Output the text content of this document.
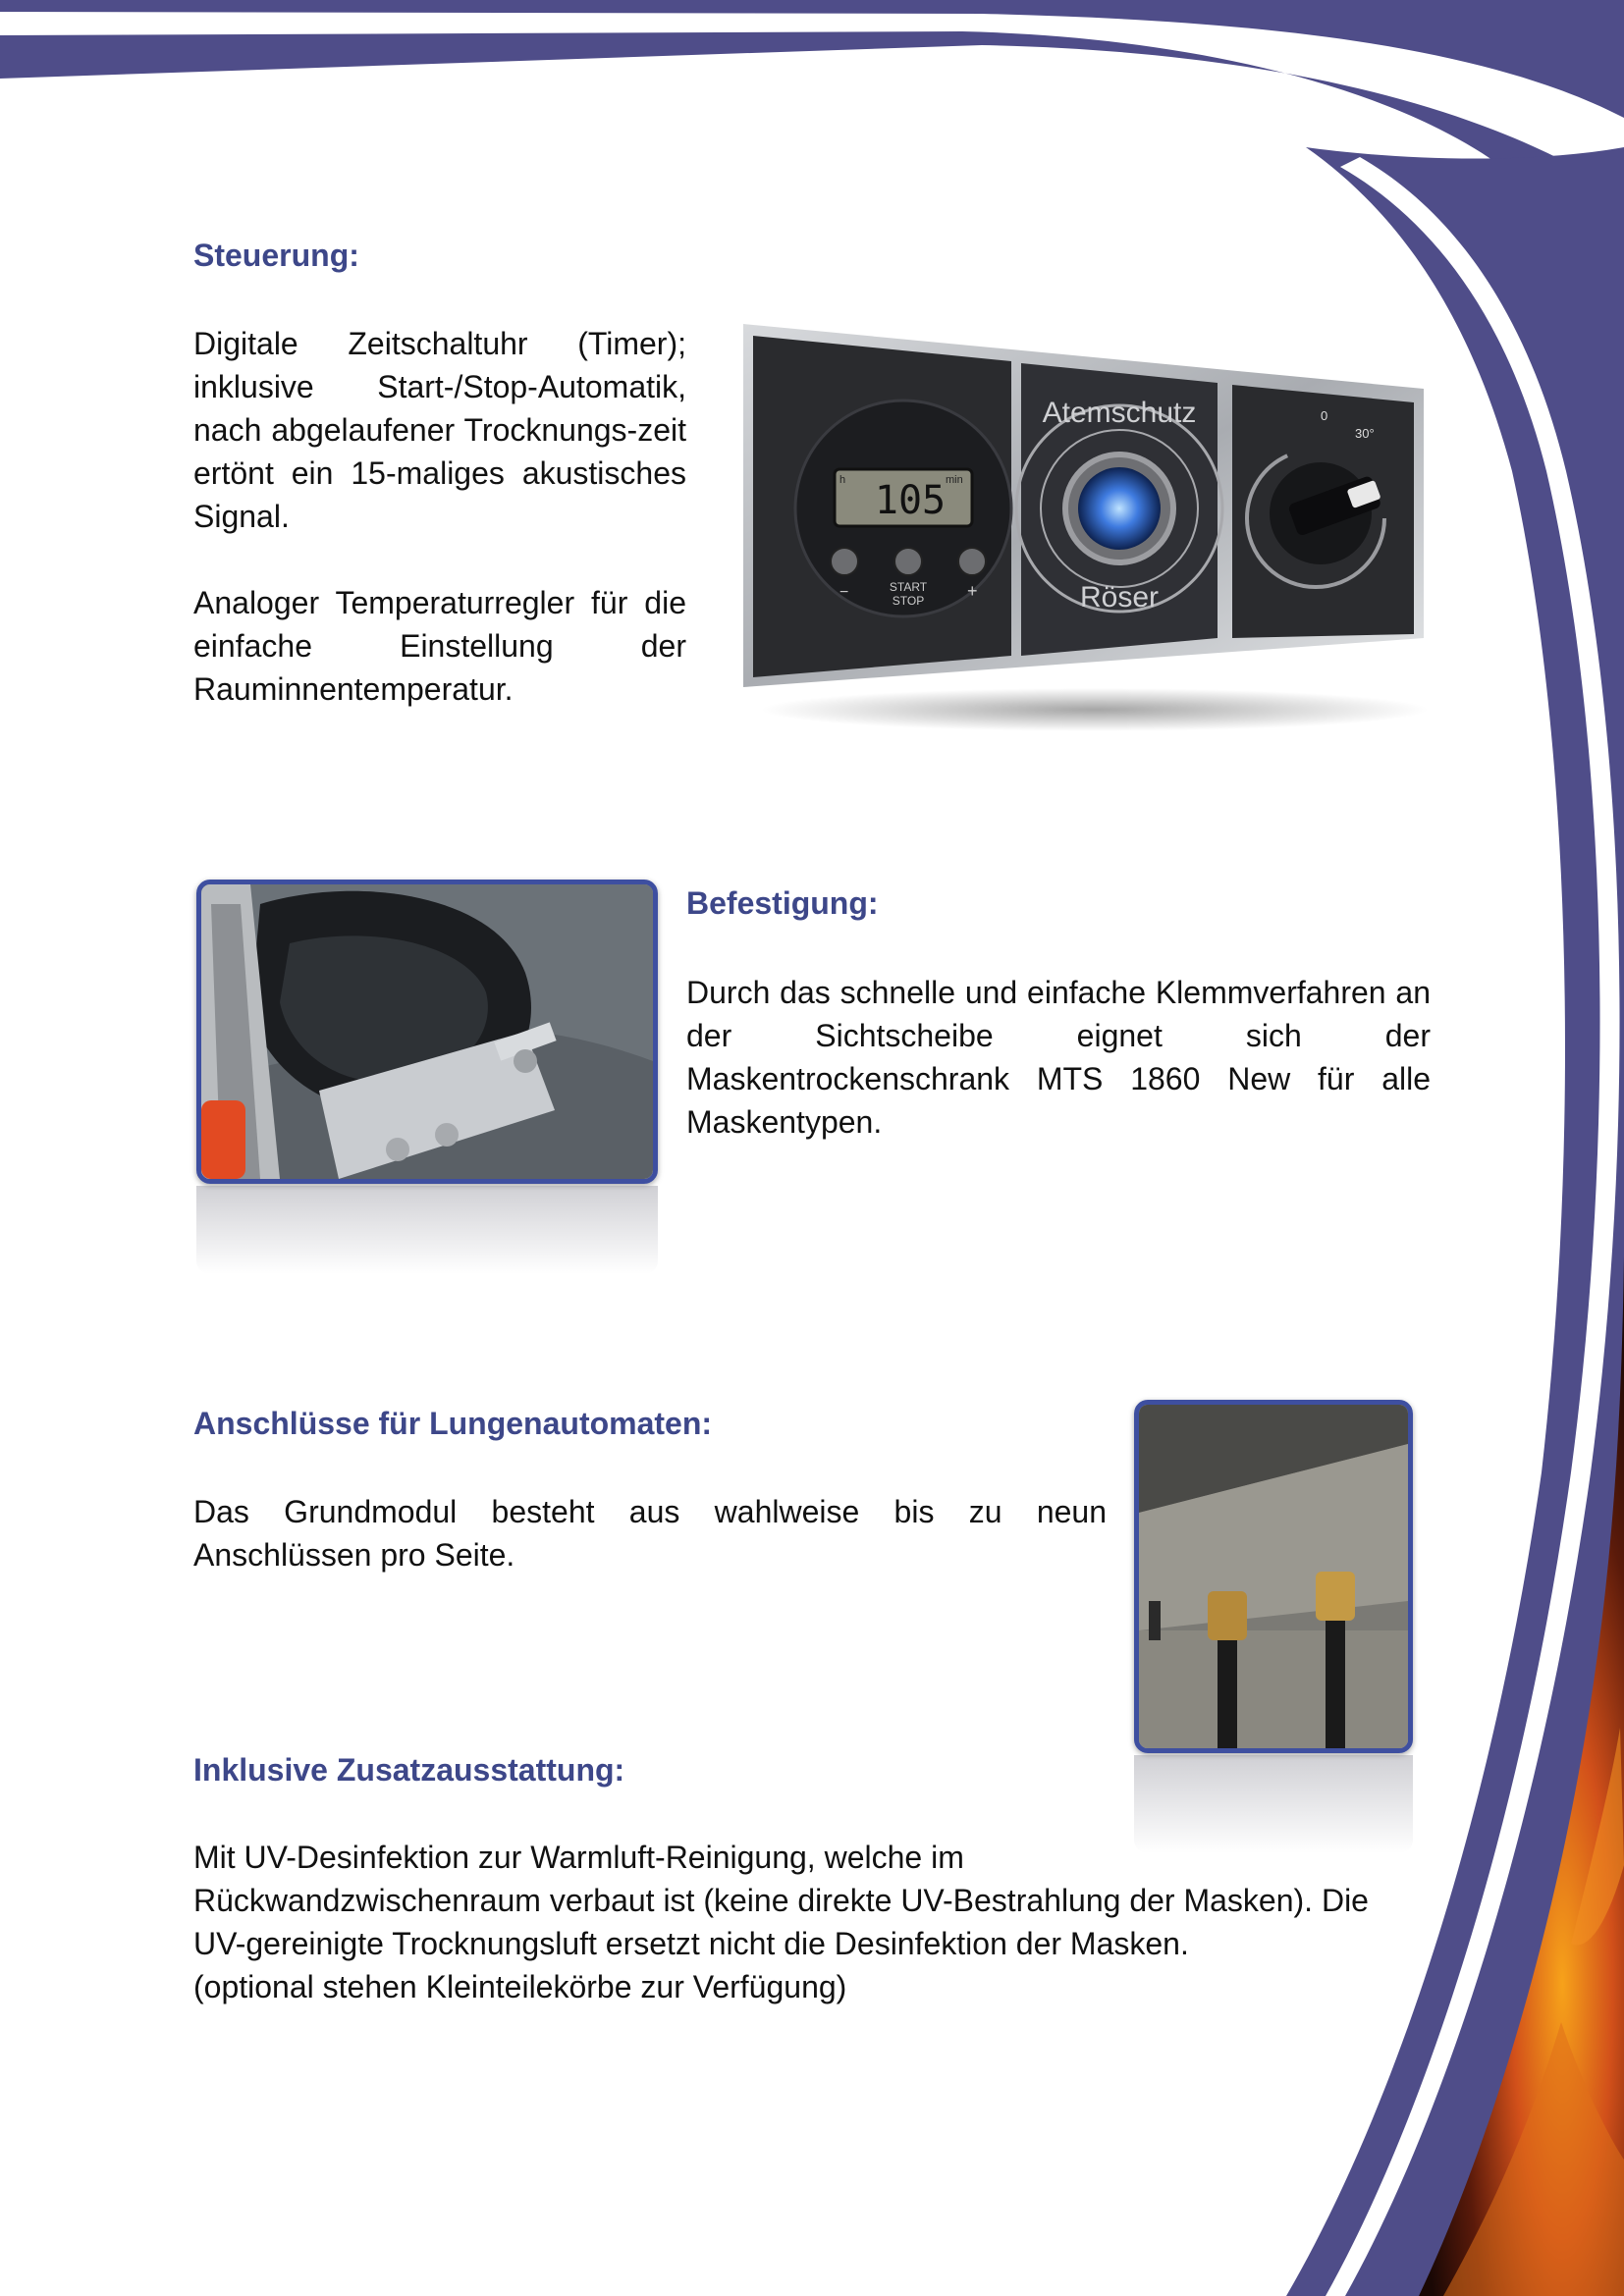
Steuerung:

Digitale Zeitschaltuhr (Timer); inklusive Start-/Stop-Automatik, nach abgelaufener Trocknungs-zeit ertönt ein 15-maliges akustisches Signal.

Analoger Temperaturregler für die einfache Einstellung der Rauminnentemperatur.

105
h	min
−	START
STOP +
Atemschutz
Röser
0
30°
Befestigung:

Durch das schnelle und einfache Klemmverfahren an der Sichtscheibe eignet sich der Maskentrockenschrank MTS 1860 New für alle Maskentypen.

Anschlüsse für Lungenautomaten:

Das Grundmodul besteht aus wahlweise bis zu neun Anschlüssen pro Seite.

Inklusive Zusatzausstattung:
Mit UV-Desinfektion zur Warmluft-Reinigung, welche im
Rückwandzwischenraum verbaut ist (keine direkte UV-Bestrahlung der Masken). Die
UV-gereinigte Trocknungsluft ersetzt nicht die Desinfektion der Masken.
(optional stehen Kleinteilekörbe zur Verfügung)
